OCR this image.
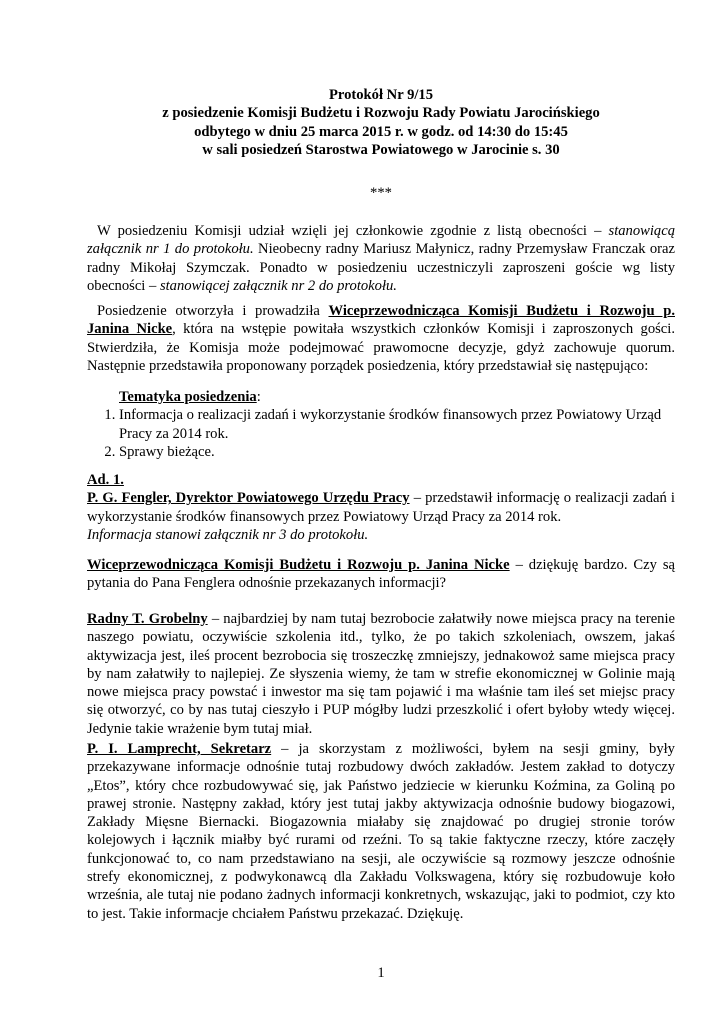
Protokół Nr 9/15
z posiedzenie Komisji Budżetu i Rozwoju Rady Powiatu Jarocińskiego
odbytego w dniu 25 marca 2015 r. w godz. od 14:30 do 15:45
w sali posiedzeń Starostwa Powiatowego w Jarocinie s. 30
***

W posiedzeniu Komisji udział wzięli jej członkowie zgodnie z listą obecności – stanowiącą załącznik nr 1 do protokołu. Nieobecny radny Mariusz Małynicz, radny Przemysław Franczak oraz radny Mikołaj Szymczak. Ponadto w posiedzeniu uczestniczyli zaproszeni goście wg listy obecności – stanowiącej załącznik nr 2 do protokołu.

Posiedzenie otworzyła i prowadziła Wiceprzewodnicząca Komisji Budżetu i Rozwoju p. Janina Nicke, która na wstępie powitała wszystkich członków Komisji i zaproszonych gości. Stwierdziła, że Komisja może podejmować prawomocne decyzje, gdyż zachowuje quorum. Następnie przedstawiła proponowany porządek posiedzenia, który przedstawiał się następująco:

Tematyka posiedzenia:
1. Informacja o realizacji zadań i wykorzystanie środków finansowych przez Powiatowy Urząd Pracy za 2014 rok.
2. Sprawy bieżące.
Ad. 1.
P. G. Fengler, Dyrektor Powiatowego Urzędu Pracy – przedstawił informację o realizacji zadań i wykorzystanie środków finansowych przez Powiatowy Urząd Pracy za 2014 rok.
Informacja stanowi załącznik nr 3 do protokołu.

Wiceprzewodnicząca Komisji Budżetu i Rozwoju p. Janina Nicke – dziękuję bardzo. Czy są pytania do Pana Fenglera odnośnie przekazanych informacji?

Radny T. Grobelny – najbardziej by nam tutaj bezrobocie załatwiły nowe miejsca pracy na terenie naszego powiatu, oczywiście szkolenia itd., tylko, że po takich szkoleniach, owszem, jakaś aktywizacja jest, ileś procent bezrobocia się troszeczkę zmniejszy, jednakowoż same miejsca pracy by nam załatwiły to najlepiej. Ze słyszenia wiemy, że tam w strefie ekonomicznej w Golinie mają nowe miejsca pracy powstać i inwestor ma się tam pojawić i ma właśnie tam ileś set miejsc pracy się otworzyć, co by nas tutaj cieszyło i PUP mógłby ludzi przeszkolić i ofert byłoby wtedy więcej. Jedynie takie wrażenie bym tutaj miał.

P. I. Lamprecht, Sekretarz – ja skorzystam z możliwości, byłem na sesji gminy, były przekazywane informacje odnośnie tutaj rozbudowy dwóch zakładów. Jestem zakład to dotyczy „Etos”, który chce rozbudowywać się, jak Państwo jedziecie w kierunku Koźmina, za Goliną po prawej stronie. Następny zakład, który jest tutaj jakby aktywizacja odnośnie budowy biogazowi, Zakłady Mięsne Biernacki. Biogazownia miałaby się znajdować po drugiej stronie torów kolejowych i łącznik miałby być rurami od rzeźni. To są takie faktyczne rzeczy, które zaczęły funkcjonować to, co nam przedstawiano na sesji, ale oczywiście są rozmowy jeszcze odnośnie strefy ekonomicznej, z podwykonawcą dla Zakładu Volkswagena, który się rozbudowuje koło września, ale tutaj nie podano żadnych informacji konkretnych, wskazując, jaki to podmiot, czy kto to jest. Takie informacje chciałem Państwu przekazać. Dziękuję.

1
